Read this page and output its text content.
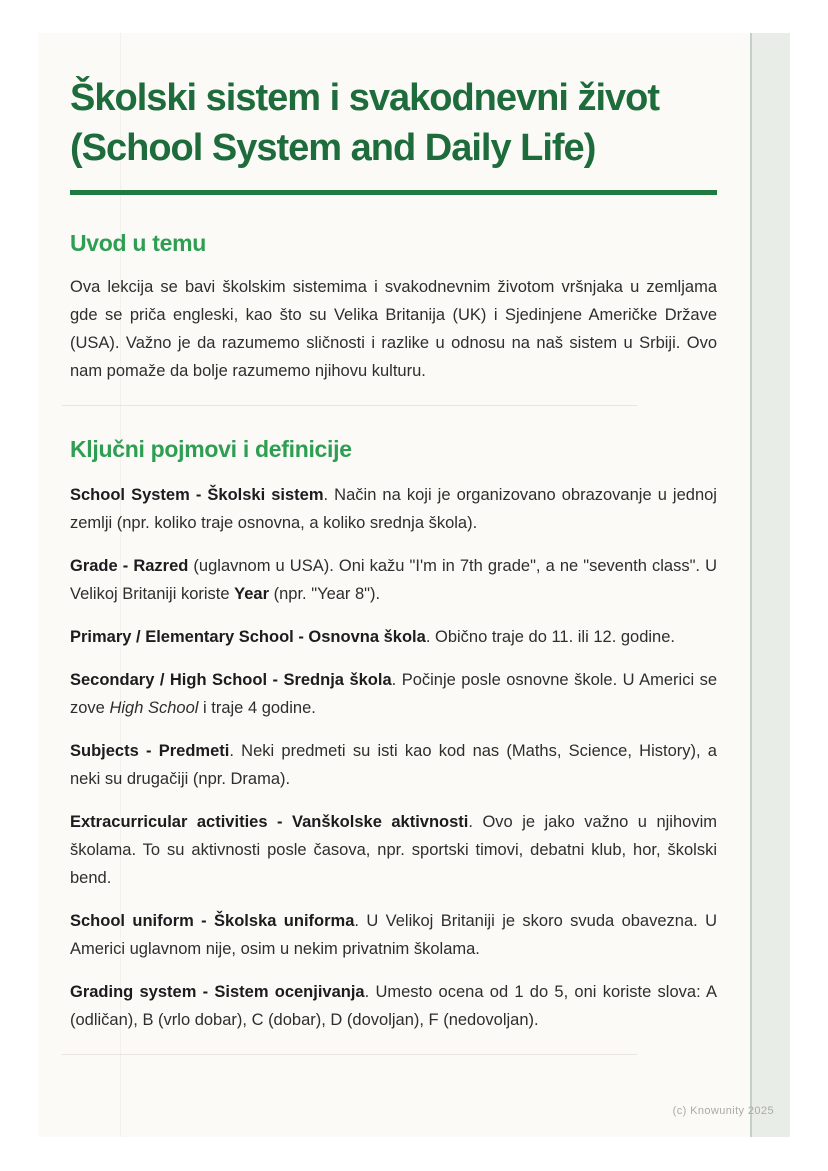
Školski sistem i svakodnevni život (School System and Daily Life)
Uvod u temu

Ova lekcija se bavi školskim sistemima i svakodnevnim životom vršnjaka u zemljama gde se priča engleski, kao što su Velika Britanija (UK) i Sjedinjene Američke Države (USA). Važno je da razumemo sličnosti i razlike u odnosu na naš sistem u Srbiji. Ovo nam pomaže da bolje razumemo njihovu kulturu.

Ključni pojmovi i definicije

School System - Školski sistem. Način na koji je organizovano obrazovanje u jednoj zemlji (npr. koliko traje osnovna, a koliko srednja škola).

Grade - Razred (uglavnom u USA). Oni kažu "I'm in 7th grade", a ne "seventh class". U Velikoj Britaniji koriste Year (npr. "Year 8").

Primary / Elementary School - Osnovna škola. Obično traje do 11. ili 12. godine.

Secondary / High School - Srednja škola. Počinje posle osnovne škole. U Americi se zove High School i traje 4 godine.

Subjects - Predmeti. Neki predmeti su isti kao kod nas (Maths, Science, History), a neki su drugačiji (npr. Drama).

Extracurricular activities - Vanškolske aktivnosti. Ovo je jako važno u njihovim školama. To su aktivnosti posle časova, npr. sportski timovi, debatni klub, hor, školski bend.

School uniform - Školska uniforma. U Velikoj Britaniji je skoro svuda obavezna. U Americi uglavnom nije, osim u nekim privatnim školama.

Grading system - Sistem ocenjivanja. Umesto ocena od 1 do 5, oni koriste slova: A (odličan), B (vrlo dobar), C (dobar), D (dovoljan), F (nedovoljan).

(c) Knowunity 2025
